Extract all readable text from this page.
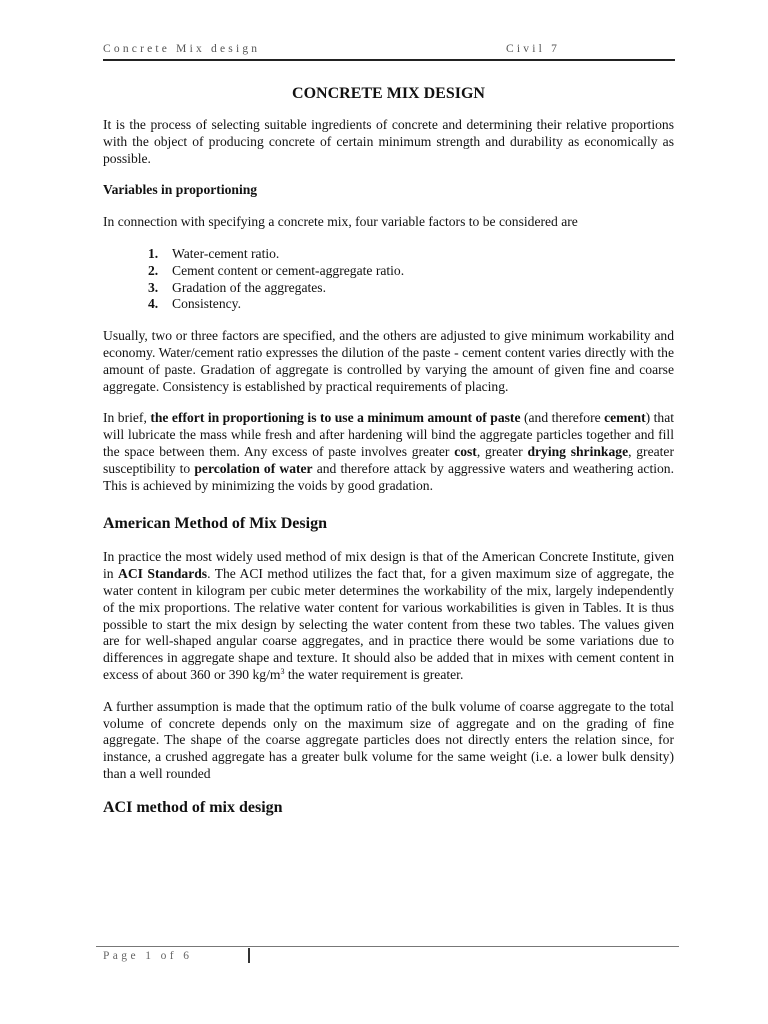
Concrete Mix design	Civil 7
CONCRETE MIX DESIGN

It is the process of selecting suitable ingredients of concrete and determining their relative proportions with the object of producing concrete of certain minimum strength and durability as economically as possible.

Variables in proportioning

In connection with specifying a concrete mix, four variable factors to be considered are

1. Water-cement ratio.
2. Cement content or cement-aggregate ratio.
3. Gradation of the aggregates.
4. Consistency.

Usually, two or three factors are specified, and the others are adjusted to give minimum workability and economy. Water/cement ratio expresses the dilution of the paste - cement content varies directly with the amount of paste. Gradation of aggregate is controlled by varying the amount of given fine and coarse aggregate. Consistency is established by practical requirements of placing.

In brief, the effort in proportioning is to use a minimum amount of paste (and therefore cement) that will lubricate the mass while fresh and after hardening will bind the aggregate particles together and fill the space between them. Any excess of paste involves greater cost, greater drying shrinkage, greater susceptibility to percolation of water and therefore attack by aggressive waters and weathering action. This is achieved by minimizing the voids by good gradation.

American Method of Mix Design

In practice the most widely used method of mix design is that of the American Concrete Institute, given in ACI Standards. The ACI method utilizes the fact that, for a given maximum size of aggregate, the water content in kilogram per cubic meter determines the workability of the mix, largely independently of the mix proportions. The relative water content for various workabilities is given in Tables. It is thus possible to start the mix design by selecting the water content from these two tables. The values given are for well-shaped angular coarse aggregates, and in practice there would be some variations due to differences in aggregate shape and texture. It should also be added that in mixes with cement content in excess of about 360 or 390 $kg/m^3$ the water requirement is greater.

A further assumption is made that the optimum ratio of the bulk volume of coarse aggregate to the total volume of concrete depends only on the maximum size of aggregate and on the grading of fine aggregate. The shape of the coarse aggregate particles does not directly enters the relation since, for instance, a crushed aggregate has a greater bulk volume for the same weight (i.e. a lower bulk density) than a well rounded

ACI method of mix design

Page 1 of 6
